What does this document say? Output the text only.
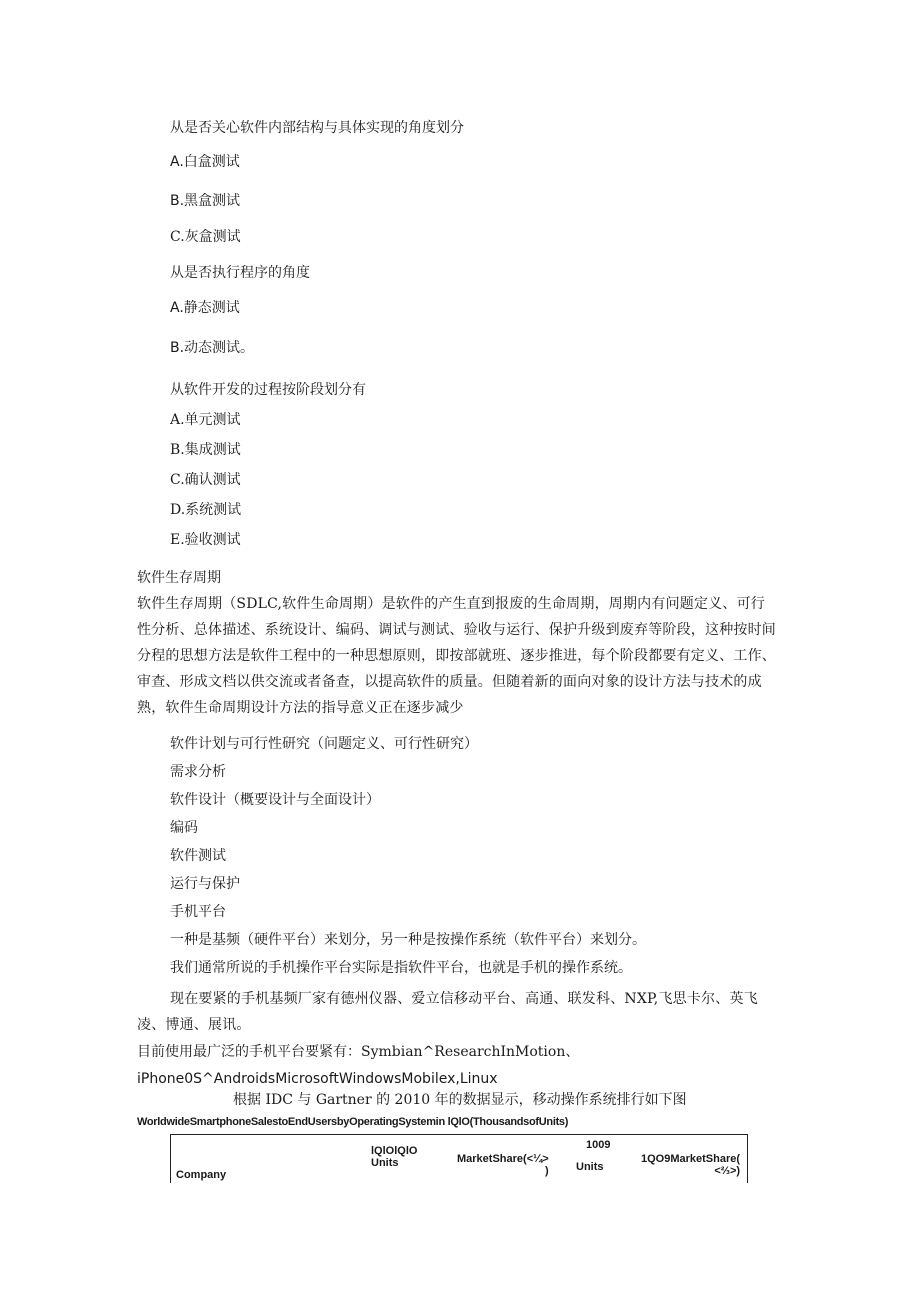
从是否关心软件内部结构与具体实现的角度划分
A.白盒测试
B.黑盒测试
C.灰盒测试
从是否执行程序的角度
A.静态测试
B.动态测试。
从软件开发的过程按阶段划分有
A.单元测试
B.集成测试
C.确认测试
D.系统测试
E.验收测试
软件生存周期
软件生存周期（SDLC,软件生命周期）是软件的产生直到报废的生命周期，周期内有问题定义、可行性分析、总体描述、系统设计、编码、调试与测试、验收与运行、保护升级到废弃等阶段，这种按时间分程的思想方法是软件工程中的一种思想原则，即按部就班、逐步推进，每个阶段都要有定义、工作、审查、形成文档以供交流或者备查，以提高软件的质量。但随着新的面向对象的设计方法与技术的成熟，软件生命周期设计方法的指导意义正在逐步减少
软件计划与可行性研究（问题定义、可行性研究）
需求分析
软件设计（概要设计与全面设计）
编码
软件测试
运行与保护
手机平台
一种是基频（硬件平台）来划分，另一种是按操作系统（软件平台）来划分。
我们通常所说的手机操作平台实际是指软件平台，也就是手机的操作系统。
现在要紧的手机基频厂家有德州仪器、爱立信移动平台、高通、联发科、NXP,飞思卡尔、英飞凌、博通、展讯。
目前使用最广泛的手机平台要紧有：Symbian^ResearchInMotion、
iPhone0S^AndroidsMicrosoftWindowsMobilex,Linux
根据 IDC 与 Gartner 的 2010 年的数据显示，移动操作系统排行如下图
WorldwideSmartphoneSalestoEndUsersbyOperatingSystemin lQlO(ThousandsofUnits)
Company
lQlOlQlO
Units	MarketShare(<¼>
)
1009
Units
1QO9MarketShare(
<⅔>)
